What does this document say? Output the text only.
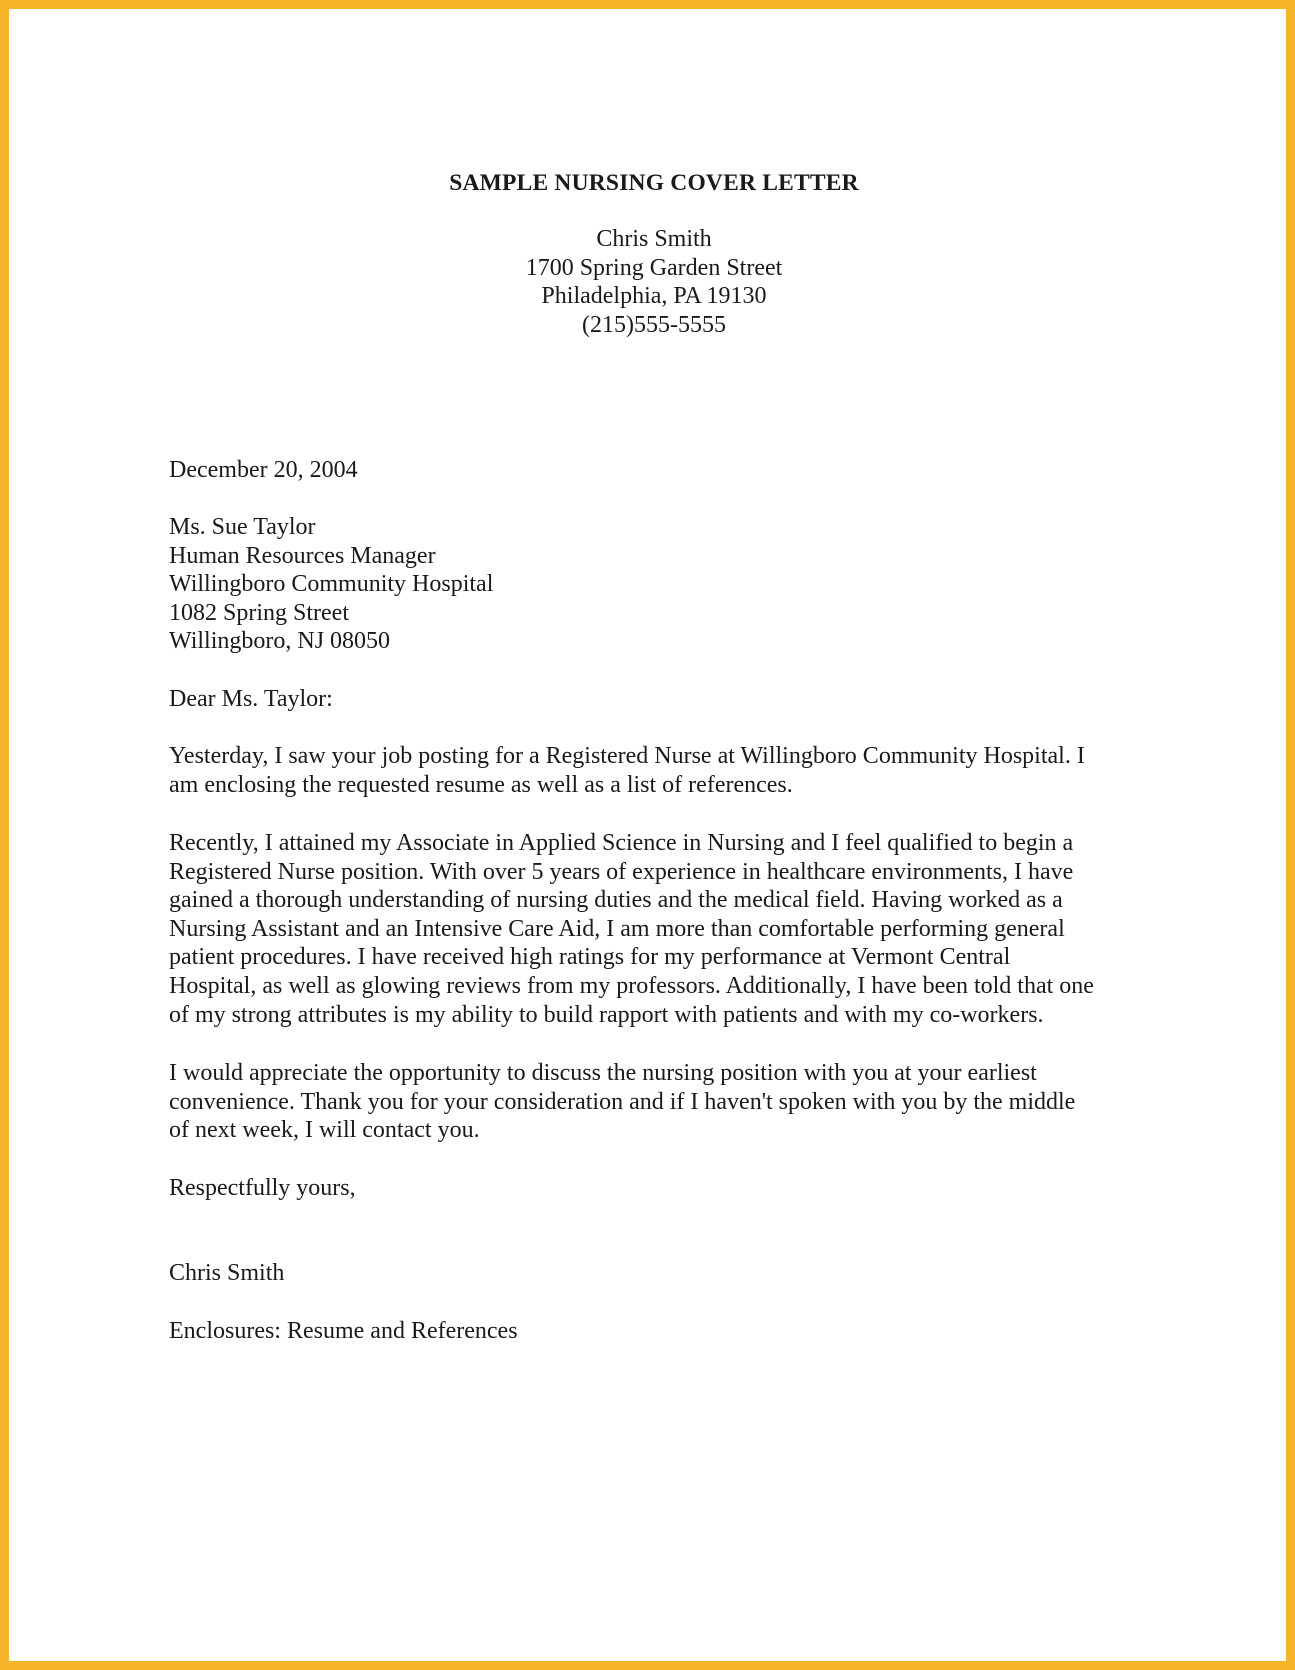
SAMPLE NURSING COVER LETTER
Chris Smith
1700 Spring Garden Street
Philadelphia, PA 19130
(215)555-5555
December 20, 2004
Ms. Sue Taylor
Human Resources Manager
Willingboro Community Hospital
1082 Spring Street
Willingboro, NJ 08050
Dear Ms. Taylor:
Yesterday, I saw your job posting for a Registered Nurse at Willingboro Community Hospital. I
am enclosing the requested resume as well as a list of references.
Recently, I attained my Associate in Applied Science in Nursing and I feel qualified to begin a
Registered Nurse position. With over 5 years of experience in healthcare environments, I have
gained a thorough understanding of nursing duties and the medical field. Having worked as a
Nursing Assistant and an Intensive Care Aid, I am more than comfortable performing general
patient procedures. I have received high ratings for my performance at Vermont Central
Hospital, as well as glowing reviews from my professors. Additionally, I have been told that one
of my strong attributes is my ability to build rapport with patients and with my co-workers.
I would appreciate the opportunity to discuss the nursing position with you at your earliest
convenience. Thank you for your consideration and if I haven't spoken with you by the middle
of next week, I will contact you.
Respectfully yours,
Chris Smith
Enclosures: Resume and References
